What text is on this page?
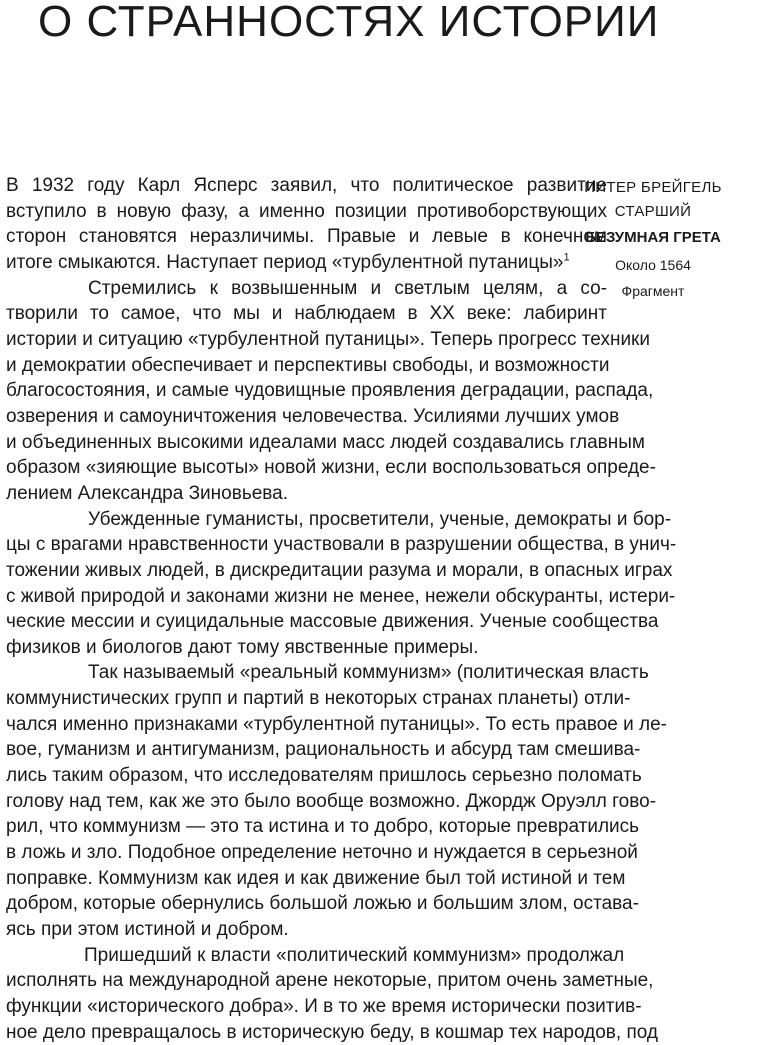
О СТРАННОСТЯХ ИСТОРИИ
ПИТЕР БРЕЙГЕЛЬ СТАРШИЙ
БЕЗУМНАЯ ГРЕТА
Около 1564
Фрагмент

В 1932 году Карл Ясперс заявил, что политическое развитие
вступило в новую фазу, а именно позиции противоборствующих
сторон становятся неразличимы. Правые и левые в конечном
итоге смыкаются. Наступает период «турбулентной путаницы»$^1$

Стремились к возвышенным и светлым целям, а со-
творили то самое, что мы и наблюдаем в XX веке: лабиринт
истории и ситуацию «турбулентной путаницы». Теперь прогресс техники
и демократии обеспечивает и перспективы свободы, и возможности
благосостояния, и самые чудовищные проявления деградации, распада,
озверения и самоуничтожения человечества. Усилиями лучших умов
и объединенных высокими идеалами масс людей создавались главным
образом «зияющие высоты» новой жизни, если воспользоваться опреде-
лением Александра Зиновьева.

Убежденные гуманисты, просветители, ученые, демократы и бор-
цы с врагами нравственности участвовали в разрушении общества, в унич-
тожении живых людей, в дискредитации разума и морали, в опасных играх
с живой природой и законами жизни не менее, нежели обскуранты, истери-
ческие мессии и суицидальные массовые движения. Ученые сообщества
физиков и биологов дают тому явственные примеры.

Так называемый «реальный коммунизм» (политическая власть
коммунистических групп и партий в некоторых странах планеты) отли-
чался именно признаками «турбулентной путаницы». То есть правое и ле-
вое, гуманизм и антигуманизм, рациональность и абсурд там смешива-
лись таким образом, что исследователям пришлось серьезно поломать
голову над тем, как же это было вообще возможно. Джордж Оруэлл гово-
рил, что коммунизм — это та истина и то добро, которые превратились
в ложь и зло. Подобное определение неточно и нуждается в серьезной
поправке. Коммунизм как идея и как движение был той истиной и тем
добром, которые обернулись большой ложью и большим злом, остава-
ясь при этом истиной и добром.

Пришедший к власти «политический коммунизм» продолжал
исполнять на международной арене некоторые, притом очень заметные,
функции «исторического добра». И в то же время исторически позитив-
ное дело превращалось в историческую беду, в кошмар тех народов, под
